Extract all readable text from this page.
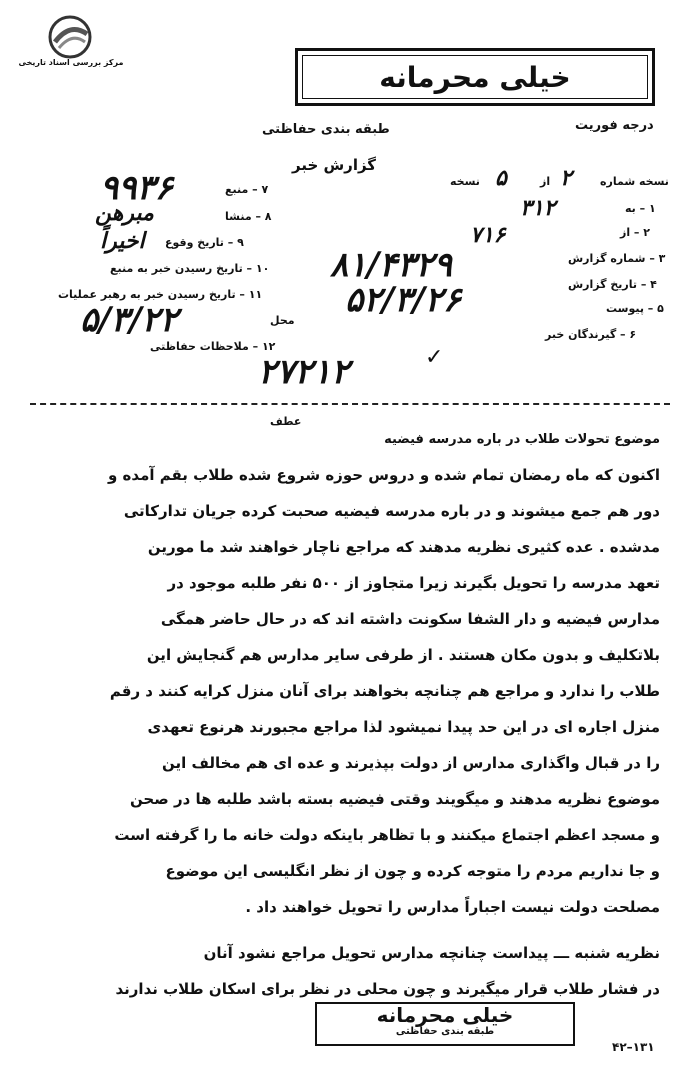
مرکز بررسی اسناد تاریخی	خیلی محرمانه
درجه فوریت
طبقه بندی حفاظتی
گزارش خبر
نسخه شماره
۲
از
۵
نسخه
۱ – به
۲ – از
۳ – شماره گزارش
۴ – تاریخ گزارش
۵ – پیوست
۶ – گیرندگان خبر
۳۱۲
۷۱۶
۸۱/۴۳۲۹
۵۲/۳/۲۶
۷ – منبع
۸ – منشا
۹ – تاریخ وقوع
۱۰ – تاریخ رسیدن خبر به منبع
۱۱ – تاریخ رسیدن خبر به رهبر عملیات
محل
۱۲ – ملاحظات حفاظتی
۹۹۳۶
مبرهن
اخیراً
۵/۳/۲۲
۲۷۲۱۲	✓
عطف
موضوع تحولات طلاب در باره مدرسه فیضیه
اکنون که ماه رمضان تمام شده و دروس حوزه شروع شده طلاب بقم آمده و
دور هم جمع میشوند و در باره مدرسه فیضیه صحبت کرده جریان تدارکاتی
مدشده . عده کثیری نظریه مدهند که مراجع ناچار خواهند شد ما مورین
تعهد مدرسه را تحویل بگیرند زیرا متجاوز از ۵۰۰ نفر طلبه موجود در
مدارس فیضیه و دار الشفا سکونت داشته اند که در حال حاضر همگی
بلاتکلیف و بدون مکان هستند . از طرفی سایر مدارس هم گنجایش این
طلاب را ندارد و مراجع هم چنانچه بخواهند برای آنان منزل کرایه کنند د رقم
منزل اجاره ای در این حد پیدا نمیشود لذا مراجع مجبورند هرنوع تعهدی
را در قبال واگذاری مدارس از دولت بپذیرند و عده ای هم مخالف این
موضوع نظریه مدهند و میگویند وقتی فیضیه بسته باشد طلبه ها در صحن
و مسجد اعظم اجتماع میکنند و با تظاهر باینکه دولت خانه ما را گرفته است
و جا نداریم مردم را متوجه کرده و چون از نظر انگلیسی این موضوع
مصلحت دولت نیست اجباراً مدارس را تحویل خواهند داد .
نظریه شنبه ـــ پیداست چنانچه مدارس تحویل مراجع نشود آنان
در فشار طلاب قرار میگیرند و چون محلی در نظر برای اسکان طلاب ندارند
خیلی محرمانه
طبقه بندی حفاظتی
۴۲–۱۳۱
